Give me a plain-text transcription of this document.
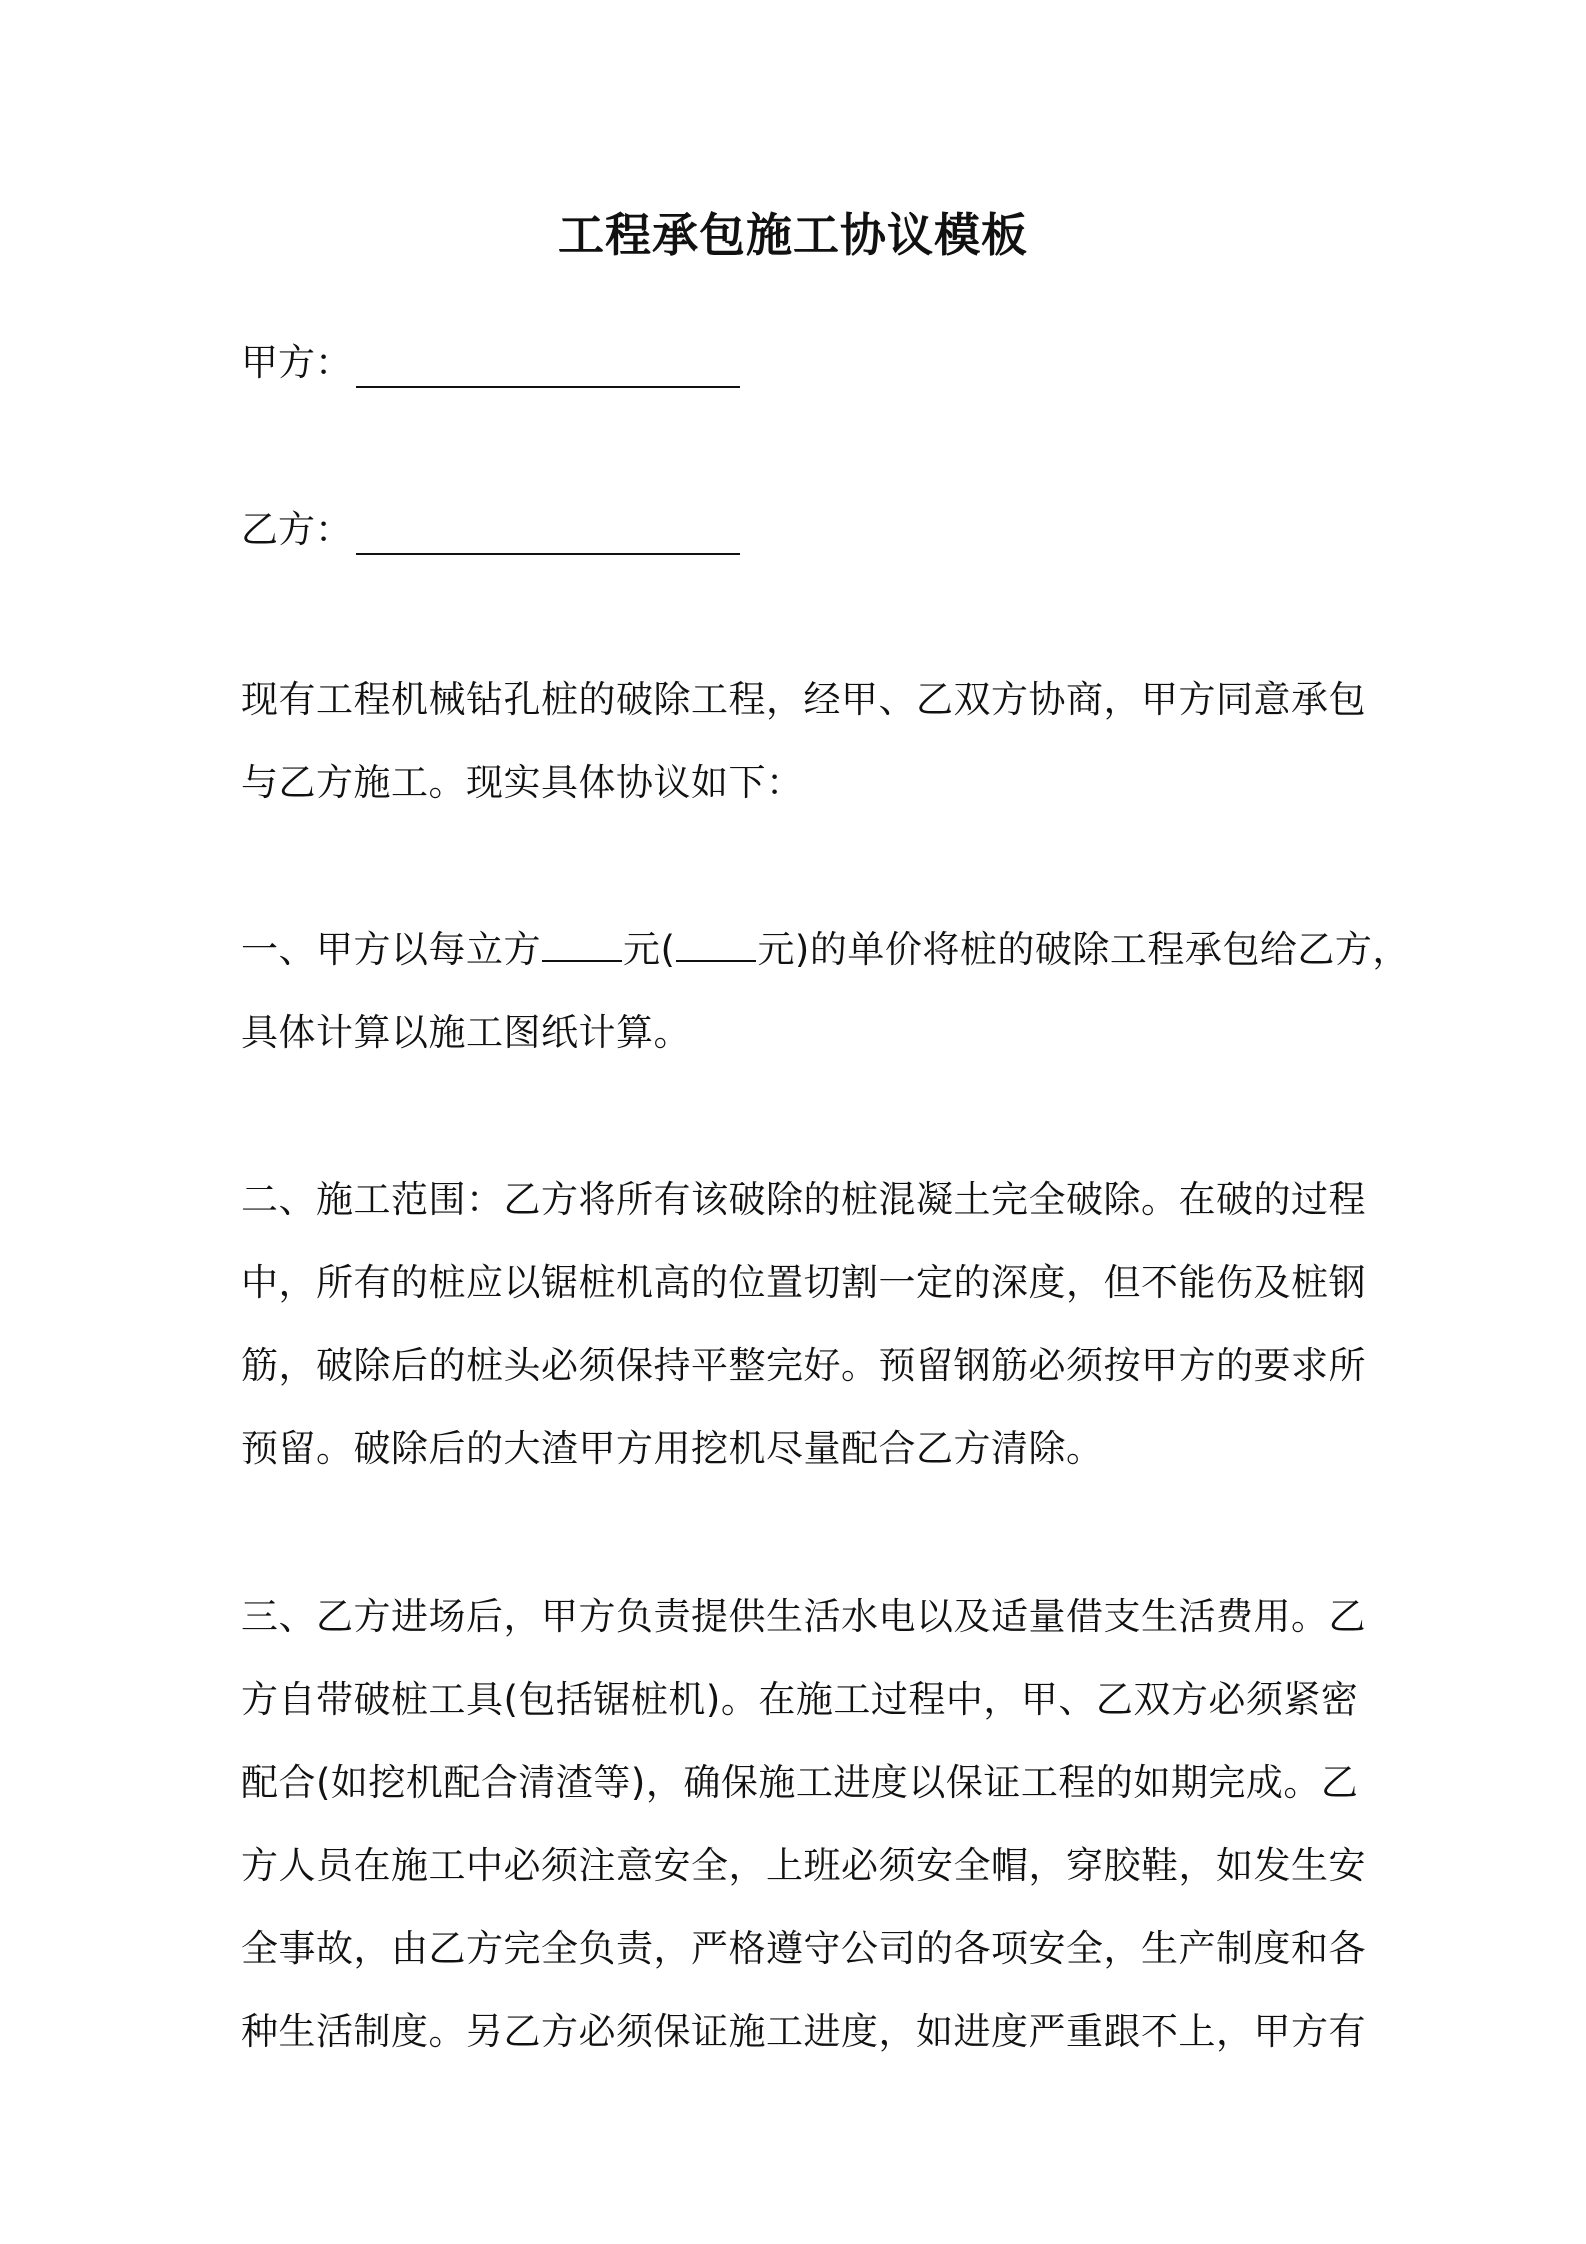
工程承包施工协议模板
甲方：
乙方：
现有工程机械钻孔桩的破除工程，经甲、乙双方协商，甲方同意承包
与乙方施工。现实具体协议如下：
一、甲方以每立方 元( 元)的单价将桩的破除工程承包给乙方，
具体计算以施工图纸计算。
二、施工范围：乙方将所有该破除的桩混凝土完全破除。在破的过程
中，所有的桩应以锯桩机高的位置切割一定的深度，但不能伤及桩钢
筋，破除后的桩头必须保持平整完好。预留钢筋必须按甲方的要求所
预留。破除后的大渣甲方用挖机尽量配合乙方清除。
三、乙方进场后，甲方负责提供生活水电以及适量借支生活费用。乙
方自带破桩工具(包括锯桩机)。在施工过程中，甲、乙双方必须紧密
配合(如挖机配合清渣等)，确保施工进度以保证工程的如期完成。乙
方人员在施工中必须注意安全，上班必须安全帽，穿胶鞋，如发生安
全事故，由乙方完全负责，严格遵守公司的各项安全，生产制度和各
种生活制度。另乙方必须保证施工进度，如进度严重跟不上，甲方有
